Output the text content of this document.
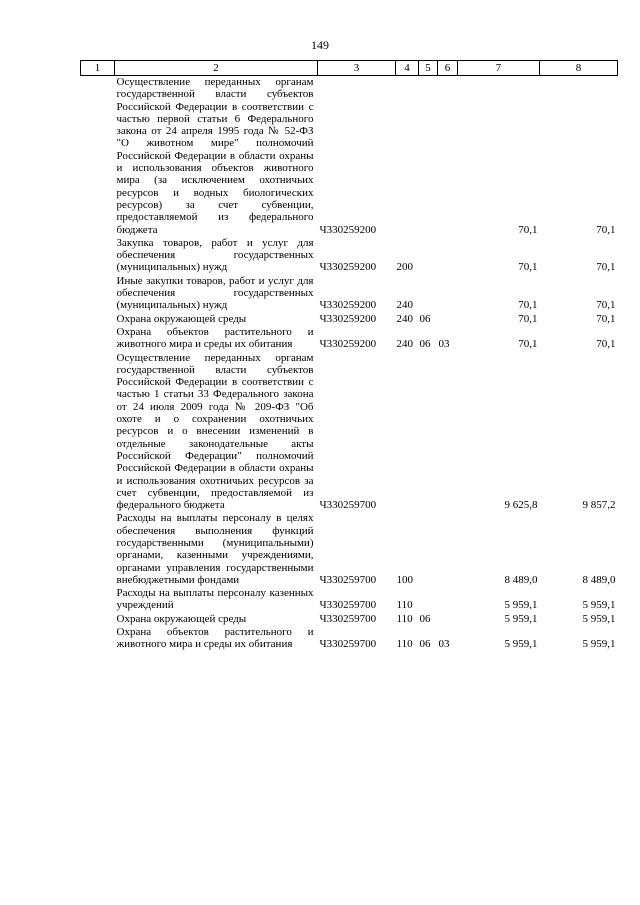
149
1	2	3	4	5	6	7	8
	Осуществление переданных органам государственной власти субъектов Российской Федерации в соответствии с частью первой статьи 6 Федерального закона от 24 апреля 1995 года № 52-ФЗ "О животном мире" полномочий Российской Федерации в области охраны и использования объектов животного мира (за исключением охотничьих ресурсов и водных биологических ресурсов) за счет субвенции, предоставляемой из федерального бюджета	Ч330259200				70,1	70,1
	Закупка товаров, работ и услуг для обеспечения государственных (муниципальных) нужд	Ч330259200	200			70,1	70,1
	Иные закупки товаров, работ и услуг для обеспечения государственных (муниципальных) нужд	Ч330259200	240			70,1	70,1
	Охрана окружающей среды	Ч330259200	240	06		70,1	70,1
	Охрана объектов растительного и животного мира и среды их обитания	Ч330259200	240	06	03	70,1	70,1
	Осуществление переданных органам государственной власти субъектов Российской Федерации в соответствии с частью 1 статьи 33 Федерального закона от 24 июля 2009 года № 209-ФЗ "Об охоте и о сохранении охотничьих ресурсов и о внесении изменений в отдельные законодательные акты Российской Федерации" полномочий Российской Федерации в области охраны и использования охотничьих ресурсов за счет субвенции, предоставляемой из федерального бюджета	Ч330259700				9 625,8	9 857,2
	Расходы на выплаты персоналу в целях обеспечения выполнения функций государственными (муниципальными) органами, казенными учреждениями, органами управления государственными внебюджетными фондами	Ч330259700	100			8 489,0	8 489,0
	Расходы на выплаты персоналу казенных учреждений	Ч330259700	110			5 959,1	5 959,1
	Охрана окружающей среды	Ч330259700	110	06		5 959,1	5 959,1
	Охрана объектов растительного и животного мира и среды их обитания	Ч330259700	110	06	03	5 959,1	5 959,1
